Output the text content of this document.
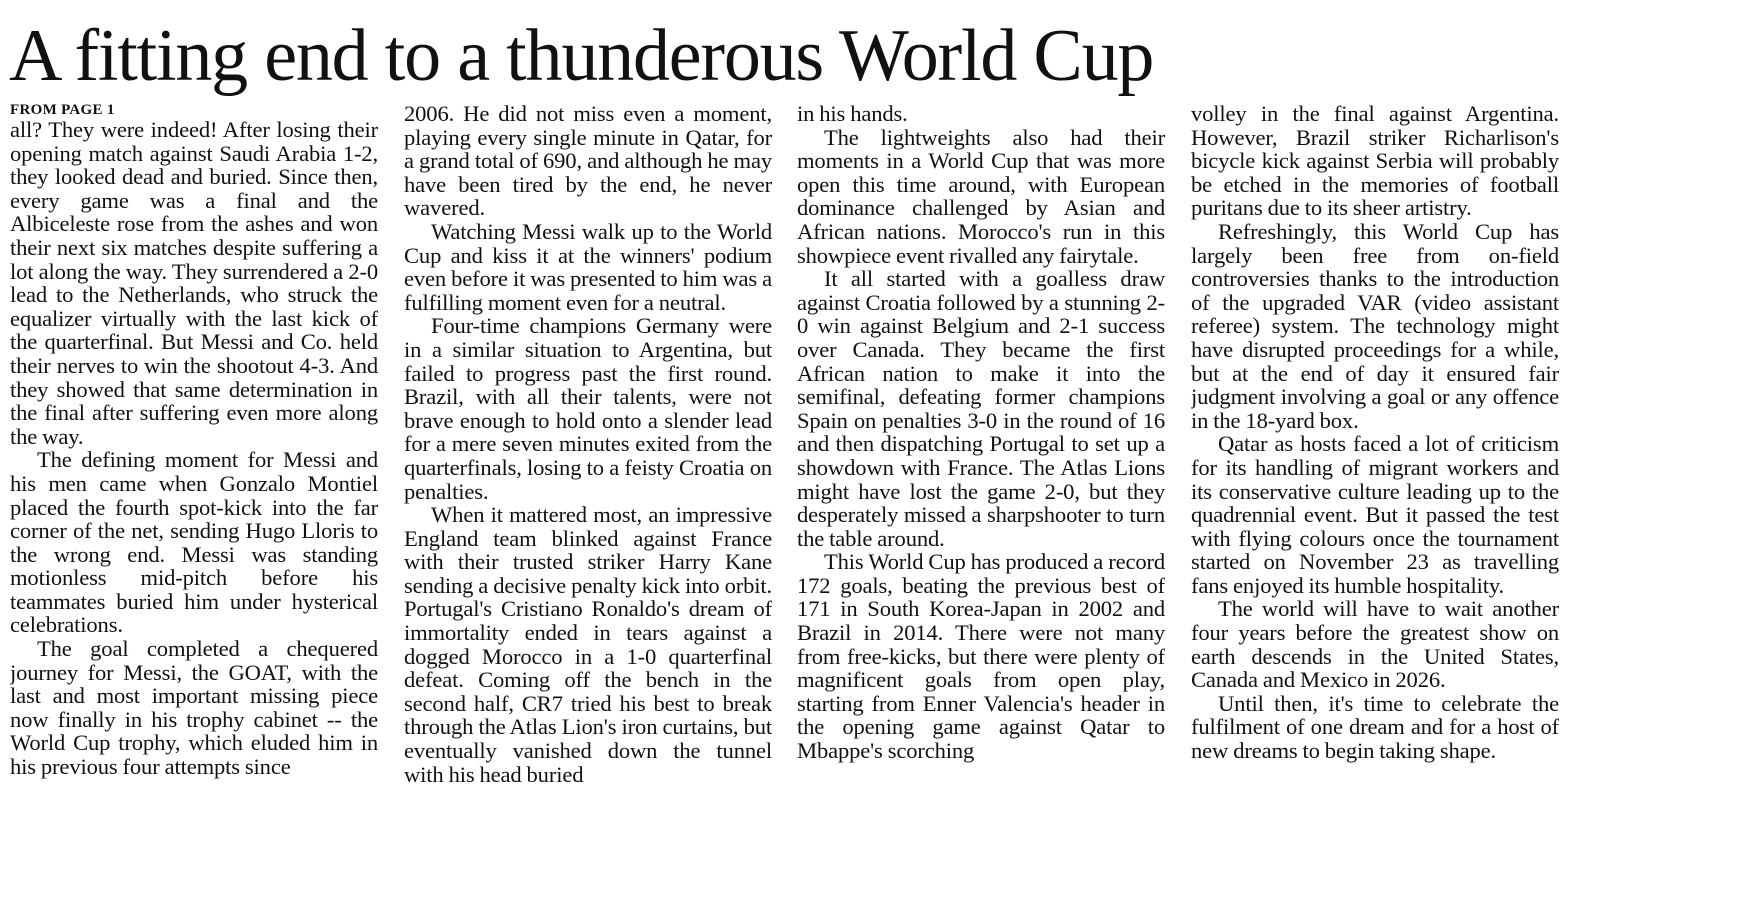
A fitting end to a thunderous World Cup
FROM PAGE 1

all? They were indeed! After losing their opening match against Saudi Arabia 1-2, they looked dead and buried. Since then, every game was a final and the Albiceleste rose from the ashes and won their next six matches despite suffering a lot along the way. They surrendered a 2-0 lead to the Netherlands, who struck the equalizer virtually with the last kick of the quarterfinal. But Messi and Co. held their nerves to win the shootout 4-3. And they showed that same determination in the final after suffering even more along the way.

The defining moment for Messi and his men came when Gonzalo Montiel placed the fourth spot-kick into the far corner of the net, sending Hugo Lloris to the wrong end. Messi was standing motionless mid-pitch before his teammates buried him under hysterical celebrations.

The goal completed a chequered journey for Messi, the GOAT, with the last and most important missing piece now finally in his trophy cabinet -- the World Cup trophy, which eluded him in his previous four attempts since

2006. He did not miss even a moment, playing every single minute in Qatar, for a grand total of 690, and although he may have been tired by the end, he never wavered.

Watching Messi walk up to the World Cup and kiss it at the winners' podium even before it was presented to him was a fulfilling moment even for a neutral.

Four-time champions Germany were in a similar situation to Argentina, but failed to progress past the first round. Brazil, with all their talents, were not brave enough to hold onto a slender lead for a mere seven minutes exited from the quarterfinals, losing to a feisty Croatia on penalties.

When it mattered most, an impressive England team blinked against France with their trusted striker Harry Kane sending a decisive penalty kick into orbit. Portugal's Cristiano Ronaldo's dream of immortality ended in tears against a dogged Morocco in a 1-0 quarterfinal defeat. Coming off the bench in the second half, CR7 tried his best to break through the Atlas Lion's iron curtains, but eventually vanished down the tunnel with his head buried

in his hands.

The lightweights also had their moments in a World Cup that was more open this time around, with European dominance challenged by Asian and African nations. Morocco's run in this showpiece event rivalled any fairytale.

It all started with a goalless draw against Croatia followed by a stunning 2-0 win against Belgium and 2-1 success over Canada. They became the first African nation to make it into the semifinal, defeating former champions Spain on penalties 3-0 in the round of 16 and then dispatching Portugal to set up a showdown with France. The Atlas Lions might have lost the game 2-0, but they desperately missed a sharpshooter to turn the table around.

This World Cup has produced a record 172 goals, beating the previous best of 171 in South Korea-Japan in 2002 and Brazil in 2014. There were not many from free-kicks, but there were plenty of magnificent goals from open play, starting from Enner Valencia's header in the opening game against Qatar to Mbappe's scorching

volley in the final against Argentina. However, Brazil striker Richarlison's bicycle kick against Serbia will probably be etched in the memories of football puritans due to its sheer artistry.

Refreshingly, this World Cup has largely been free from on-field controversies thanks to the introduction of the upgraded VAR (video assistant referee) system. The technology might have disrupted proceedings for a while, but at the end of day it ensured fair judgment involving a goal or any offence in the 18-yard box.

Qatar as hosts faced a lot of criticism for its handling of migrant workers and its conservative culture leading up to the quadrennial event. But it passed the test with flying colours once the tournament started on November 23 as travelling fans enjoyed its humble hospitality.

The world will have to wait another four years before the greatest show on earth descends in the United States, Canada and Mexico in 2026.

Until then, it's time to celebrate the fulfilment of one dream and for a host of new dreams to begin taking shape.
